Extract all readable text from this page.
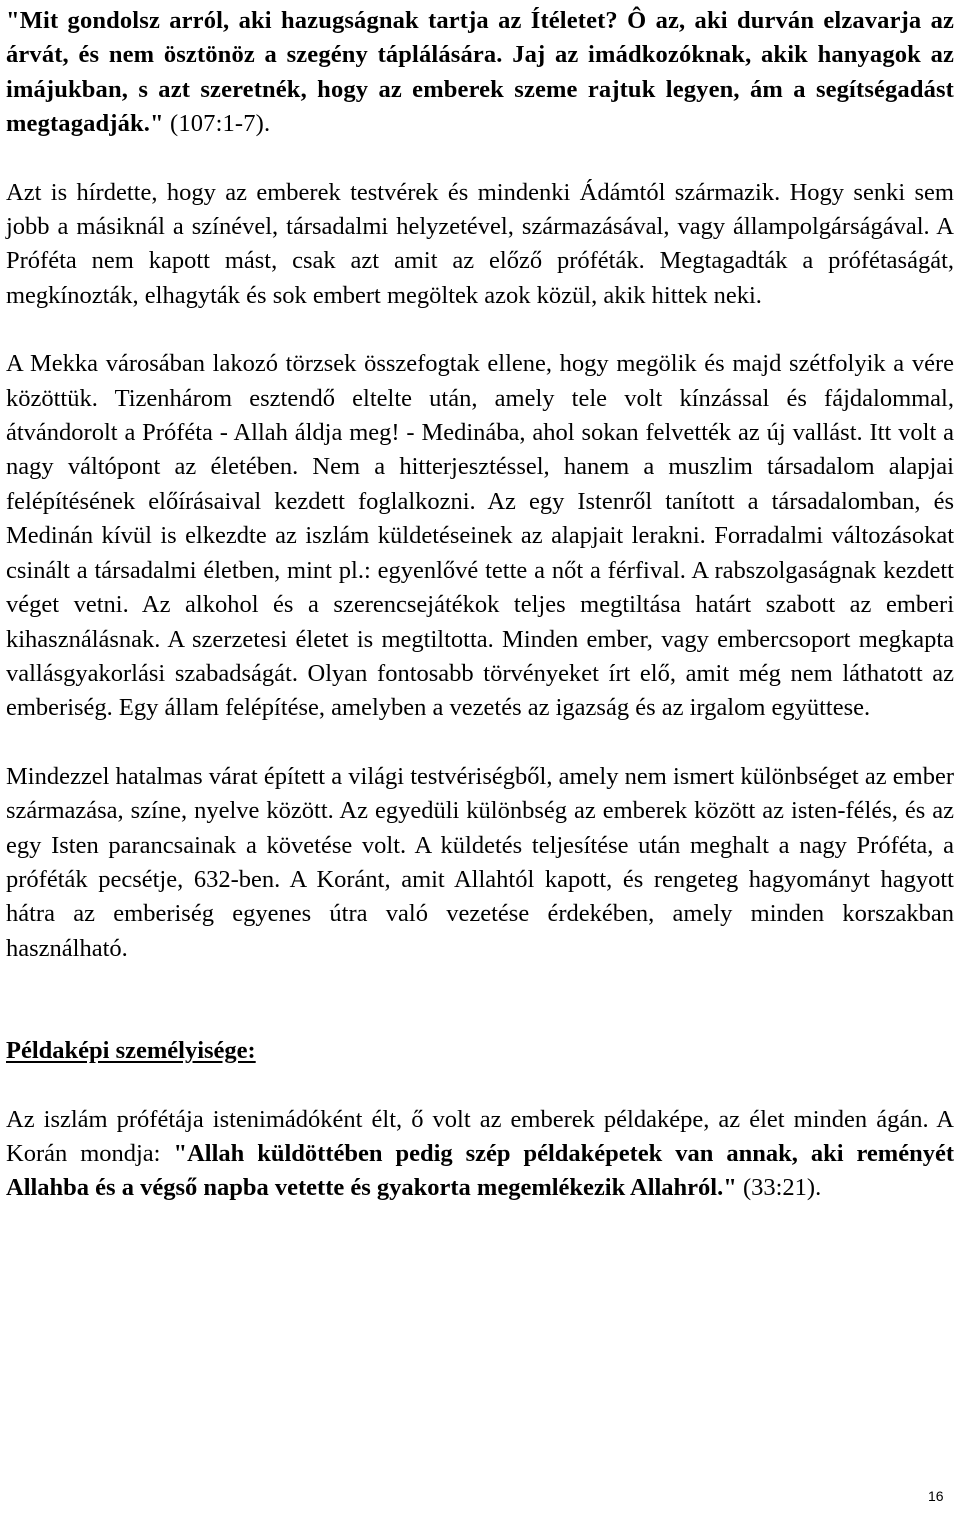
"Mit gondolsz arról, aki hazugságnak tartja az Ítéletet? Ô az, aki durván elzavarja az árvát, és nem ösztönöz a szegény táplálására. Jaj az imádkozóknak, akik hanyagok az imájukban, s azt szeretnék, hogy az emberek szeme rajtuk legyen, ám a segítségadást megtagadják." (107:1-7).

Azt is hírdette, hogy az emberek testvérek és mindenki Ádámtól származik. Hogy senki sem jobb a másiknál a színével, társadalmi helyzetével, származásával, vagy állampolgárságával. A Próféta nem kapott mást, csak azt amit az előző próféták. Megtagadták a prófétaságát, megkínozták, elhagyták és sok embert megöltek azok közül, akik hittek neki.

A Mekka városában lakozó törzsek összefogtak ellene, hogy megölik és majd szétfolyik a vére közöttük. Tizenhárom esztendő eltelte után, amely tele volt kínzással és fájdalommal, átvándorolt a Próféta - Allah áldja meg! - Medinába, ahol sokan felvették az új vallást. Itt volt a nagy váltópont az életében. Nem a hitterjesztéssel, hanem a muszlim társadalom alapjai felépítésének előírásaival kezdett foglalkozni. Az egy Istenről tanított a társadalomban, és Medinán kívül is elkezdte az iszlám küldetéseinek az alapjait lerakni. Forradalmi változásokat csinált a társadalmi életben, mint pl.: egyenlővé tette a nőt a férfival. A rabszolgaságnak kezdett véget vetni. Az alkohol és a szerencsejátékok teljes megtiltása határt szabott az emberi kihasználásnak. A szerzetesi életet is megtiltotta. Minden ember, vagy embercsoport megkapta vallásgyakorlási szabadságát. Olyan fontosabb törvényeket írt elő, amit még nem láthatott az emberiség. Egy állam felépítése, amelyben a vezetés az igazság és az irgalom együttese.

Mindezzel hatalmas várat épített a világi testvériségből, amely nem ismert különbséget az ember származása, színe, nyelve között. Az egyedüli különbség az emberek között az isten-félés, és az egy Isten parancsainak a követése volt. A küldetés teljesítése után meghalt a nagy Próféta, a próféták pecsétje, 632-ben. A Koránt, amit Allahtól kapott, és rengeteg hagyományt hagyott hátra az emberiség egyenes útra való vezetése érdekében, amely minden korszakban használható.

Példaképi személyisége:

Az iszlám prófétája istenimádóként élt, ő volt az emberek példaképe, az élet minden ágán. A Korán mondja: "Allah küldöttében pedig szép példaképetek van annak, aki reményét Allahba és a végső napba vetette és gyakorta megemlékezik Allahról." (33:21).

16
